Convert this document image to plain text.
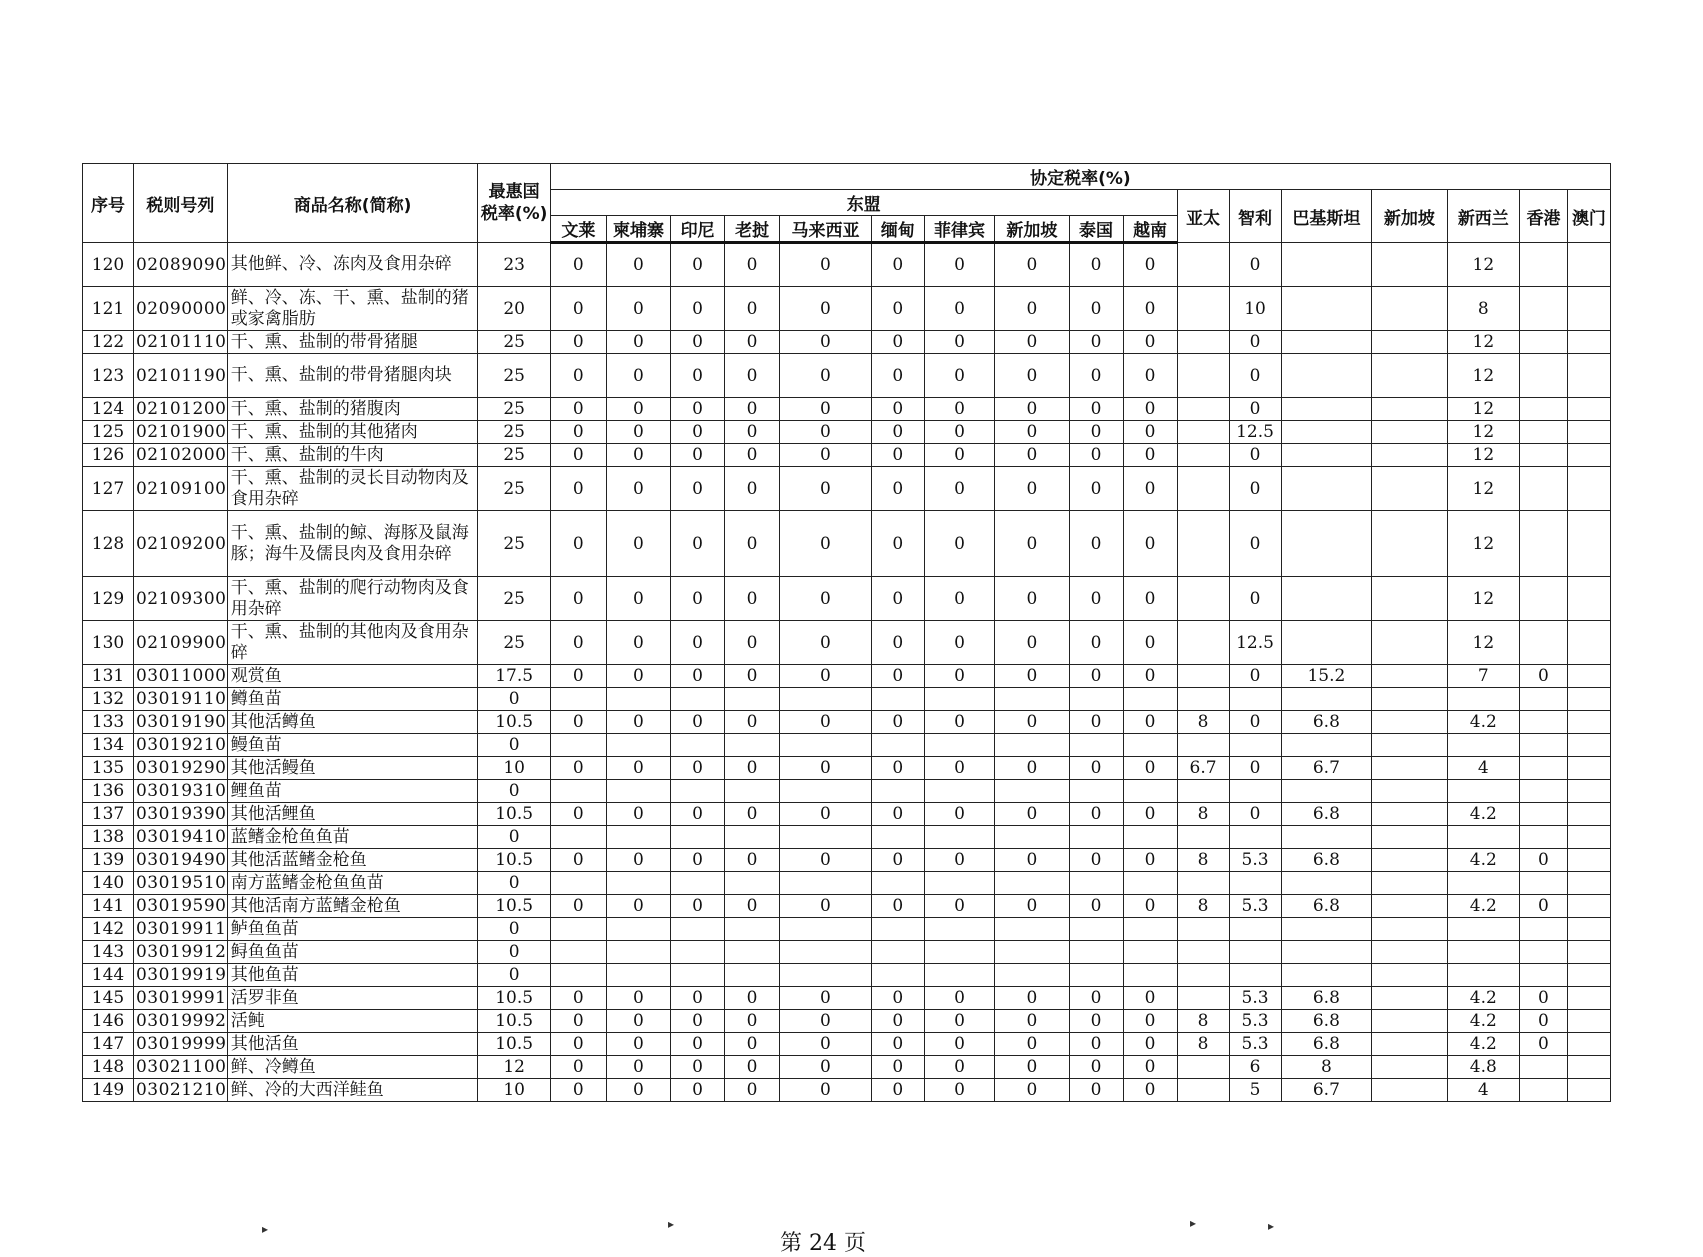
序号	税则号列	商品名称(简称)	最惠国税率(%)	协定税率(%)																
				东盟										亚太	智利	巴基斯坦	新加坡	新西兰	香港	澳门
				文莱	柬埔寨	印尼	老挝	马来西亚	缅甸	菲律宾	新加坡	泰国	越南							
120	02089090	其他鲜、冷、冻肉及食用杂碎	23	0	0	0	0	0	0	0	0	0	0		0			12		
121	02090000	鲜、冷、冻、干、熏、盐制的猪或家禽脂肪	20	0	0	0	0	0	0	0	0	0	0		10			8		
122	02101110	干、熏、盐制的带骨猪腿	25	0	0	0	0	0	0	0	0	0	0		0			12		
123	02101190	干、熏、盐制的带骨猪腿肉块	25	0	0	0	0	0	0	0	0	0	0		0			12		
124	02101200	干、熏、盐制的猪腹肉	25	0	0	0	0	0	0	0	0	0	0		0			12		
125	02101900	干、熏、盐制的其他猪肉	25	0	0	0	0	0	0	0	0	0	0		12.5			12		
126	02102000	干、熏、盐制的牛肉	25	0	0	0	0	0	0	0	0	0	0		0			12		
127	02109100	干、熏、盐制的灵长目动物肉及食用杂碎	25	0	0	0	0	0	0	0	0	0	0		0			12		
128	02109200	干、熏、盐制的鲸、海豚及鼠海豚；海牛及儒艮肉及食用杂碎	25	0	0	0	0	0	0	0	0	0	0		0			12		
129	02109300	干、熏、盐制的爬行动物肉及食用杂碎	25	0	0	0	0	0	0	0	0	0	0		0			12		
130	02109900	干、熏、盐制的其他肉及食用杂碎	25	0	0	0	0	0	0	0	0	0	0		12.5			12		
131	03011000	观赏鱼	17.5	0	0	0	0	0	0	0	0	0	0		0	15.2		7	0	
132	03019110	鳟鱼苗	0																	
133	03019190	其他活鳟鱼	10.5	0	0	0	0	0	0	0	0	0	0	8	0	6.8		4.2		
134	03019210	鳗鱼苗	0																	
135	03019290	其他活鳗鱼	10	0	0	0	0	0	0	0	0	0	0	6.7	0	6.7		4		
136	03019310	鲤鱼苗	0																	
137	03019390	其他活鲤鱼	10.5	0	0	0	0	0	0	0	0	0	0	8	0	6.8		4.2		
138	03019410	蓝鳍金枪鱼鱼苗	0																	
139	03019490	其他活蓝鳍金枪鱼	10.5	0	0	0	0	0	0	0	0	0	0	8	5.3	6.8		4.2	0	
140	03019510	南方蓝鳍金枪鱼鱼苗	0																	
141	03019590	其他活南方蓝鳍金枪鱼	10.5	0	0	0	0	0	0	0	0	0	0	8	5.3	6.8		4.2	0	
142	03019911	鲈鱼鱼苗	0																	
143	03019912	鲟鱼鱼苗	0																	
144	03019919	其他鱼苗	0																	
145	03019991	活罗非鱼	10.5	0	0	0	0	0	0	0	0	0	0		5.3	6.8		4.2	0	
146	03019992	活鲀	10.5	0	0	0	0	0	0	0	0	0	0	8	5.3	6.8		4.2	0	
147	03019999	其他活鱼	10.5	0	0	0	0	0	0	0	0	0	0	8	5.3	6.8		4.2	0	
148	03021100	鲜、冷鳟鱼	12	0	0	0	0	0	0	0	0	0	0		6	8		4.8		
149	03021210	鲜、冷的大西洋鲑鱼	10	0	0	0	0	0	0	0	0	0	0		5	6.7		4		
▸	▸	▸	▸
第 24 页
